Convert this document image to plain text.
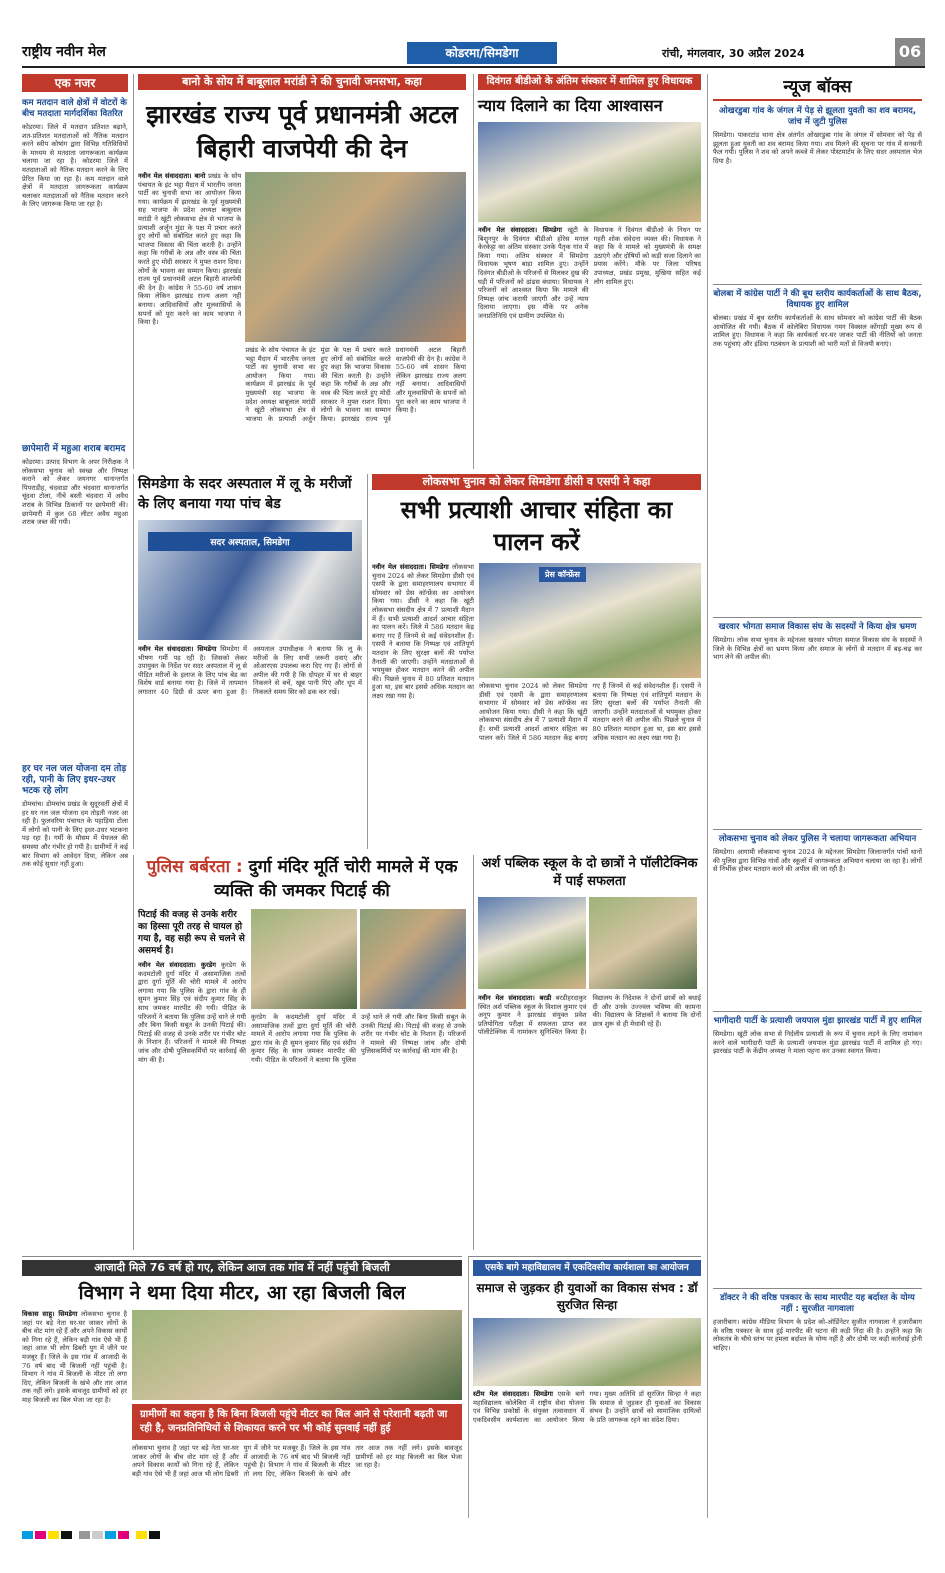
राष्ट्रीय नवीन मेल	कोडरमा/सिमडेगा	रांची, मंगलवार, 30 अप्रैल 2024	06
एक नजर
कम मतदान वाले क्षेत्रों में वोटरों के बीच मतदाता मार्गदर्शिका वितरित
कोडरमा। जिले में मतदान प्रतिशत बढ़ाने, शत-प्रतिशत मतदाताओं को नैतिक मतदान करने स्वीप कोषांग द्वारा विभिन्न गतिविधियों के माध्यम से मतदाता जागरूकता कार्यक्रम चलाया जा रहा है। कोडरमा जिले में मतदाताओं को नैतिक मतदान करने के लिए प्रेरित किया जा रहा है। कम मतदान वाले क्षेत्रों में मतदाता जागरूकता कार्यक्रम चलाकर मतदाताओं को नैतिक मतदान करने के लिए जागरूक किया जा रहा है।
छापेमारी में महुआ शराब बरामद
कोडरमा। उत्पाद विभाग के अपर निरीक्षक ने लोकसभा चुनाव को स्वच्छ और निष्पक्ष कराने को लेकर जयनगर थानान्तर्गत पिपराडीह, चंदवाडा और चंदवारा थानान्तर्गत चूंदवा टोला, नीचे बस्ती चंदवारा में अवैध शराब के विभिन्न ठिकानों पर छापेमारी की। छापेमारी में कुल 68 लीटर अवैध महुआ शराब जब्त की गयी।
हर घर नल जल योजना दम तोड़ रही, पानी के लिए इधर-उधर भटक रहे लोग
डोमचांच। डोमचांच प्रखंड के सुदूरवर्ती क्षेत्रों में हर घर नल जल योजना दम तोड़ती नजर आ रही है। फुलवरिया पंचायत के पहाड़िया टोला में लोगों को पानी के लिए इधर-उधर भटकना पड़ रहा है। गर्मी के मौसम में पेयजल की समस्या और गंभीर हो गयी है। ग्रामीणों ने कई बार विभाग को आवेदन दिया, लेकिन अब तक कोई सुधार नहीं हुआ।
बानो के सोय में बाबूलाल मरांडी ने की चुनावी जनसभा, कहा
झारखंड राज्य पूर्व प्रधानमंत्री अटल बिहारी वाजपेयी की देन
नवीन मेल संवाददाता। बानो प्रखंड के सोय पंचायत के इंट भट्ठा मैदान में भारतीय जनता पार्टी का चुनावी सभा का आयोजन किया गया। कार्यक्रम में झारखंड के पूर्व मुख्यमंत्री सह भाजपा के प्रदेश अध्यक्ष बाबूलाल मरांडी ने खूंटी लोकसभा क्षेत्र से भाजपा के प्रत्याशी अर्जुन मुंडा के पक्ष में प्रचार करते हुए लोगों को संबोधित करते हुए कहा कि भाजपा विकास की चिंता करती है। उन्होंने कहा कि गरीबों के अन्न और वस्त्र की चिंता करते हुए मोदी सरकार ने मुफ्त राशन दिया। लोगों के भावना का सम्मान किया। झारखंड राज्य पूर्व प्रधानमंत्री अटल बिहारी वाजपेयी की देन है। कांग्रेस ने 55-60 वर्ष शासन किया लेकिन झारखंड राज्य अलग नहीं बनाया। आदिवासियों और मूलवासियों के सपनों को पूरा करने का काम भाजपा ने किया है।
प्रखंड के सोय पंचायत के इंट भट्ठा मैदान में भारतीय जनता पार्टी का चुनावी सभा का आयोजन किया गया। कार्यक्रम में झारखंड के पूर्व मुख्यमंत्री सह भाजपा के प्रदेश अध्यक्ष बाबूलाल मरांडी ने खूंटी लोकसभा क्षेत्र से भाजपा के प्रत्याशी अर्जुन मुंडा के पक्ष में प्रचार करते हुए लोगों को संबोधित करते हुए कहा कि भाजपा विकास की चिंता करती है। उन्होंने कहा कि गरीबों के अन्न और वस्त्र की चिंता करते हुए मोदी सरकार ने मुफ्त राशन दिया। लोगों के भावना का सम्मान किया। झारखंड राज्य पूर्व प्रधानमंत्री अटल बिहारी वाजपेयी की देन है। कांग्रेस ने 55-60 वर्ष शासन किया लेकिन झारखंड राज्य अलग नहीं बनाया। आदिवासियों और मूलवासियों के सपनों को पूरा करने का काम भाजपा ने किया है।
दिवंगत बीडीओ के अंतिम संस्कार में शामिल हुए विधायक
न्याय दिलाने का दिया आश्वासन
नवीन मेल संवाददाता। सिमडेगा खूंटी के बिशुनपुर के दिवंगत बीडीओ होरेस मनाल केरकेट्टा का अंतिम संस्कार उनके पैतृक गांव में किया गया। अंतिम संस्कार में सिमडेगा विधायक भूषण बाड़ा शामिल हुए। उन्होंने दिवंगत बीडीओ के परिजनों से मिलकर दुख की घड़ी में परिजनों को ढांढस बंधाया। विधायक ने परिजनों को आश्वस्त किया कि मामले की निष्पक्ष जांच करायी जाएगी और उन्हें न्याय दिलाया जाएगा। इस मौके पर अनेक जनप्रतिनिधि एवं ग्रामीण उपस्थित थे।
विधायक ने दिवंगत बीडीओ के निधन पर गहरी शोक संवेदना व्यक्त की। विधायक ने कहा कि वे मामले को मुख्यमंत्री के समक्ष उठाएंगे और दोषियों को कड़ी सजा दिलाने का प्रयास करेंगे। मौके पर जिला परिषद उपाध्यक्ष, प्रखंड प्रमुख, मुखिया सहित कई लोग शामिल हुए।
सिमडेगा के सदर अस्पताल में लू के मरीजों के लिए बनाया गया पांच बेड
सदर अस्पताल, सिमडेगा
नवीन मेल संवाददाता। सिमडेगा सिमडेगा में भीषण गर्मी पड़ रही है। जिसको लेकर उपायुक्त के निर्देश पर सदर अस्पताल में लू से पीड़ित मरीजों के इलाज के लिए पांच बेड का विशेष वार्ड बनाया गया है। जिले में तापमान लगातार 40 डिग्री से ऊपर बना हुआ है। अस्पताल उपाधीक्षक ने बताया कि लू के मरीजों के लिए सभी जरूरी दवाएं और ओआरएस उपलब्ध करा दिए गए हैं। लोगों से अपील की गयी है कि दोपहर में घर से बाहर निकलने से बचें, खूब पानी पिएं और धूप में निकलते समय सिर को ढक कर रखें।
लोकसभा चुनाव को लेकर सिमडेगा डीसी व एसपी ने कहा
सभी प्रत्याशी आचार संहिता का पालन करें
नवीन मेल संवाददाता। सिमडेगा लोकसभा चुनाव 2024 को लेकर सिमडेगा डीसी एवं एसपी के द्वारा समाहरणालय सभागार में सोमवार को प्रेस कॉन्फ्रेंस का आयोजन किया गया। डीसी ने कहा कि खूंटी लोकसभा संसदीय क्षेत्र में 7 प्रत्याशी मैदान में हैं। सभी प्रत्याशी आदर्श आचार संहिता का पालन करें। जिले में 586 मतदान केंद्र बनाए गए हैं जिनमें से कई संवेदनशील हैं। एसपी ने बताया कि निष्पक्ष एवं शांतिपूर्ण मतदान के लिए सुरक्षा बलों की पर्याप्त तैनाती की जाएगी। उन्होंने मतदाताओं से भयमुक्त होकर मतदान करने की अपील की। पिछले चुनाव में 80 प्रतिशत मतदान हुआ था, इस बार इससे अधिक मतदान का लक्ष्य रखा गया है।
प्रेस कॉन्फ्रेंस
लोकसभा चुनाव 2024 को लेकर सिमडेगा डीसी एवं एसपी के द्वारा समाहरणालय सभागार में सोमवार को प्रेस कॉन्फ्रेंस का आयोजन किया गया। डीसी ने कहा कि खूंटी लोकसभा संसदीय क्षेत्र में 7 प्रत्याशी मैदान में हैं। सभी प्रत्याशी आदर्श आचार संहिता का पालन करें। जिले में 586 मतदान केंद्र बनाए गए हैं जिनमें से कई संवेदनशील हैं। एसपी ने बताया कि निष्पक्ष एवं शांतिपूर्ण मतदान के लिए सुरक्षा बलों की पर्याप्त तैनाती की जाएगी। उन्होंने मतदाताओं से भयमुक्त होकर मतदान करने की अपील की। पिछले चुनाव में 80 प्रतिशत मतदान हुआ था, इस बार इससे अधिक मतदान का लक्ष्य रखा गया है।
पुलिस बर्बरता : दुर्गा मंदिर मूर्ति चोरी मामले में एक व्यक्ति की जमकर पिटाई की
पिटाई की वजह से उनके शरीर का हिस्सा पूरी तरह से घायल हो गया है, वह सही रूप से चलने से असमर्थ है।
नवीन मेल संवाददाता। कुरडेग कुरडेग के कदमटोली दुर्गा मंदिर में असामाजिक तत्वों द्वारा दुर्गा मूर्ति की चोरी मामले में आरोप लगाया गया कि पुलिस के द्वारा गांव के ही सुमन कुमार सिंह एवं संदीप कुमार सिंह के साथ जमकर मारपीट की गयी। पीड़ित के परिजनों ने बताया कि पुलिस उन्हें थाने ले गयी और बिना किसी सबूत के उनकी पिटाई की। पिटाई की वजह से उनके शरीर पर गंभीर चोट के निशान हैं। परिजनों ने मामले की निष्पक्ष जांच और दोषी पुलिसकर्मियों पर कार्रवाई की मांग की है।
कुरडेग के कदमटोली दुर्गा मंदिर में असामाजिक तत्वों द्वारा दुर्गा मूर्ति की चोरी मामले में आरोप लगाया गया कि पुलिस के द्वारा गांव के ही सुमन कुमार सिंह एवं संदीप कुमार सिंह के साथ जमकर मारपीट की गयी। पीड़ित के परिजनों ने बताया कि पुलिस उन्हें थाने ले गयी और बिना किसी सबूत के उनकी पिटाई की। पिटाई की वजह से उनके शरीर पर गंभीर चोट के निशान हैं। परिजनों ने मामले की निष्पक्ष जांच और दोषी पुलिसकर्मियों पर कार्रवाई की मांग की है।
अर्श पब्लिक स्कूल के दो छात्रों ने पॉलीटेक्निक में पाई सफलता
नवीन मेल संवाददाता। बरडी बरडीहरदाकुर स्थित अर्श पब्लिक स्कूल के विशाल कुमार एवं अनूप कुमार ने झारखंड संयुक्त प्रवेश प्रतियोगिता परीक्षा में सफलता प्राप्त कर पॉलीटेक्निक में नामांकन सुनिश्चित किया है। विद्यालय के निदेशक ने दोनों छात्रों को बधाई दी और उनके उज्ज्वल भविष्य की कामना की। विद्यालय के शिक्षकों ने बताया कि दोनों छात्र शुरू से ही मेधावी रहे हैं।
आजादी मिले 76 वर्ष हो गए, लेकिन आज तक गांव में नहीं पहुंची बिजली
विभाग ने थमा दिया मीटर, आ रहा बिजली बिल
विकास साहू। सिमडेगा लोकसभा चुनाव है जहां पर बड़े नेता घर-घर जाकर लोगों के बीच वोट मांग रहे हैं और अपने विकास कार्यों को गिना रहे हैं, लेकिन बड़ी गांव ऐसे भी हैं जहां आज भी लोग ढिबरी युग में जीने पर मजबूर हैं। जिले के इस गांव में आजादी के 76 वर्ष बाद भी बिजली नहीं पहुंची है। विभाग ने गांव में बिजली के मीटर तो लगा दिए, लेकिन बिजली के खंभे और तार आज तक नहीं लगे। इसके बावजूद ग्रामीणों को हर माह बिजली का बिल भेजा जा रहा है।
ग्रामीणों का कहना है कि बिना बिजली पहुंचे मीटर का बिल आने से परेशानी बढ़ती जा रही है, जनप्रतिनिधियों से शिकायत करने पर भी कोई सुनवाई नहीं हुई
लोकसभा चुनाव है जहां पर बड़े नेता घर-घर जाकर लोगों के बीच वोट मांग रहे हैं और अपने विकास कार्यों को गिना रहे हैं, लेकिन बड़ी गांव ऐसे भी हैं जहां आज भी लोग ढिबरी युग में जीने पर मजबूर हैं। जिले के इस गांव में आजादी के 76 वर्ष बाद भी बिजली नहीं पहुंची है। विभाग ने गांव में बिजली के मीटर तो लगा दिए, लेकिन बिजली के खंभे और तार आज तक नहीं लगे। इसके बावजूद ग्रामीणों को हर माह बिजली का बिल भेजा जा रहा है।
एसके बागे महाविद्यालय में एकदिवसीय कार्यशाला का आयोजन
समाज से जुड़कर ही युवाओं का विकास संभव : डॉ सुरजित सिन्हा
स्टीम मेल संवाददाता। सिमडेगा एसके बागे महाविद्यालय कोलेबिरा में राष्ट्रीय सेवा योजना एवं विभिन्न प्रकोष्ठों के संयुक्त तत्वावधान में एकदिवसीय कार्यशाला का आयोजन किया गया। मुख्य अतिथि डॉ सुरजित सिन्हा ने कहा कि समाज से जुड़कर ही युवाओं का विकास संभव है। उन्होंने छात्रों को सामाजिक दायित्वों के प्रति जागरूक रहने का संदेश दिया।
न्यूज बॉक्स
ओखरडुबा गांव के जंगल में पेड़ से झूलता युवती का शव बरामद, जांच में जुटी पुलिस
सिमडेगा। पाकरटांड थाना क्षेत्र अंतर्गत ओखरडुबा गांव के जंगल में सोमवार को पेड़ से झूलता हुआ युवती का शव बरामद किया गया। शव मिलने की सूचना पर गांव में सनसनी फैल गयी। पुलिस ने शव को अपने कब्जे में लेकर पोस्टमार्टम के लिए सदर अस्पताल भेज दिया है।
बोलबा में कांग्रेस पार्टी ने की बूथ स्तरीय कार्यकर्ताओं के साथ बैठक, विधायक हुए शामिल
बोलबा। प्रखंड में बूथ स्तरीय कार्यकर्ताओं के साथ सोमवार को कांग्रेस पार्टी की बैठक आयोजित की गयी। बैठक में कोलेबिरा विधायक नमन विक्सल कोंगाड़ी मुख्य रूप से शामिल हुए। विधायक ने कहा कि कार्यकर्ता घर-घर जाकर पार्टी की नीतियों को जनता तक पहुंचाएं और इंडिया गठबंधन के प्रत्याशी को भारी मतों से विजयी बनाएं।
खरवार भोगता समाज विकास संघ के सदस्यों ने किया क्षेत्र भ्रमण
सिमडेगा। लोक सभा चुनाव के मद्देनजर खरवार भोगता समाज विकास संघ के सदस्यों ने जिले के विभिन्न क्षेत्रों का भ्रमण किया और समाज के लोगों से मतदान में बढ़-चढ़ कर भाग लेने की अपील की।
लोकसभा चुनाव को लेकर पुलिस ने चलाया जागरूकता अभियान
सिमडेगा। आगामी लोकसभा चुनाव 2024 के मद्देनजर सिमडेगा जिलान्तर्गत पांचों थानों की पुलिस द्वारा विभिन्न गांवों और स्कूलों में जागरूकता अभियान चलाया जा रहा है। लोगों से निर्भीक होकर मतदान करने की अपील की जा रही है।
भागीदारी पार्टी के प्रत्याशी जयपाल मुंडा झारखंड पार्टी में हुए शामिल
सिमडेगा। खूंटी लोक सभा से निर्दलीय प्रत्याशी के रूप में चुनाव लड़ने के लिए नामांकन करने वाले भागीदारी पार्टी के प्रत्याशी जयपाल मुंडा झारखंड पार्टी में शामिल हो गए। झारखंड पार्टी के केंद्रीय अध्यक्ष ने माला पहना कर उनका स्वागत किया।
डॉक्टर ने की वरिष्ठ पत्रकार के साथ मारपीट यह बर्दाश्त के योग्य नहीं : सुरजीत नागवाला
हजारीबाग। कांग्रेस मीडिया विभाग के प्रदेश को-ऑर्डिनेटर सुजीत नागवाला ने हजारीबाग के वरिष्ठ पत्रकार के साथ हुई मारपीट की घटना की कड़ी निंदा की है। उन्होंने कहा कि लोकतंत्र के चौथे स्तंभ पर हमला बर्दाश्त के योग्य नहीं है और दोषी पर कड़ी कार्रवाई होनी चाहिए।
